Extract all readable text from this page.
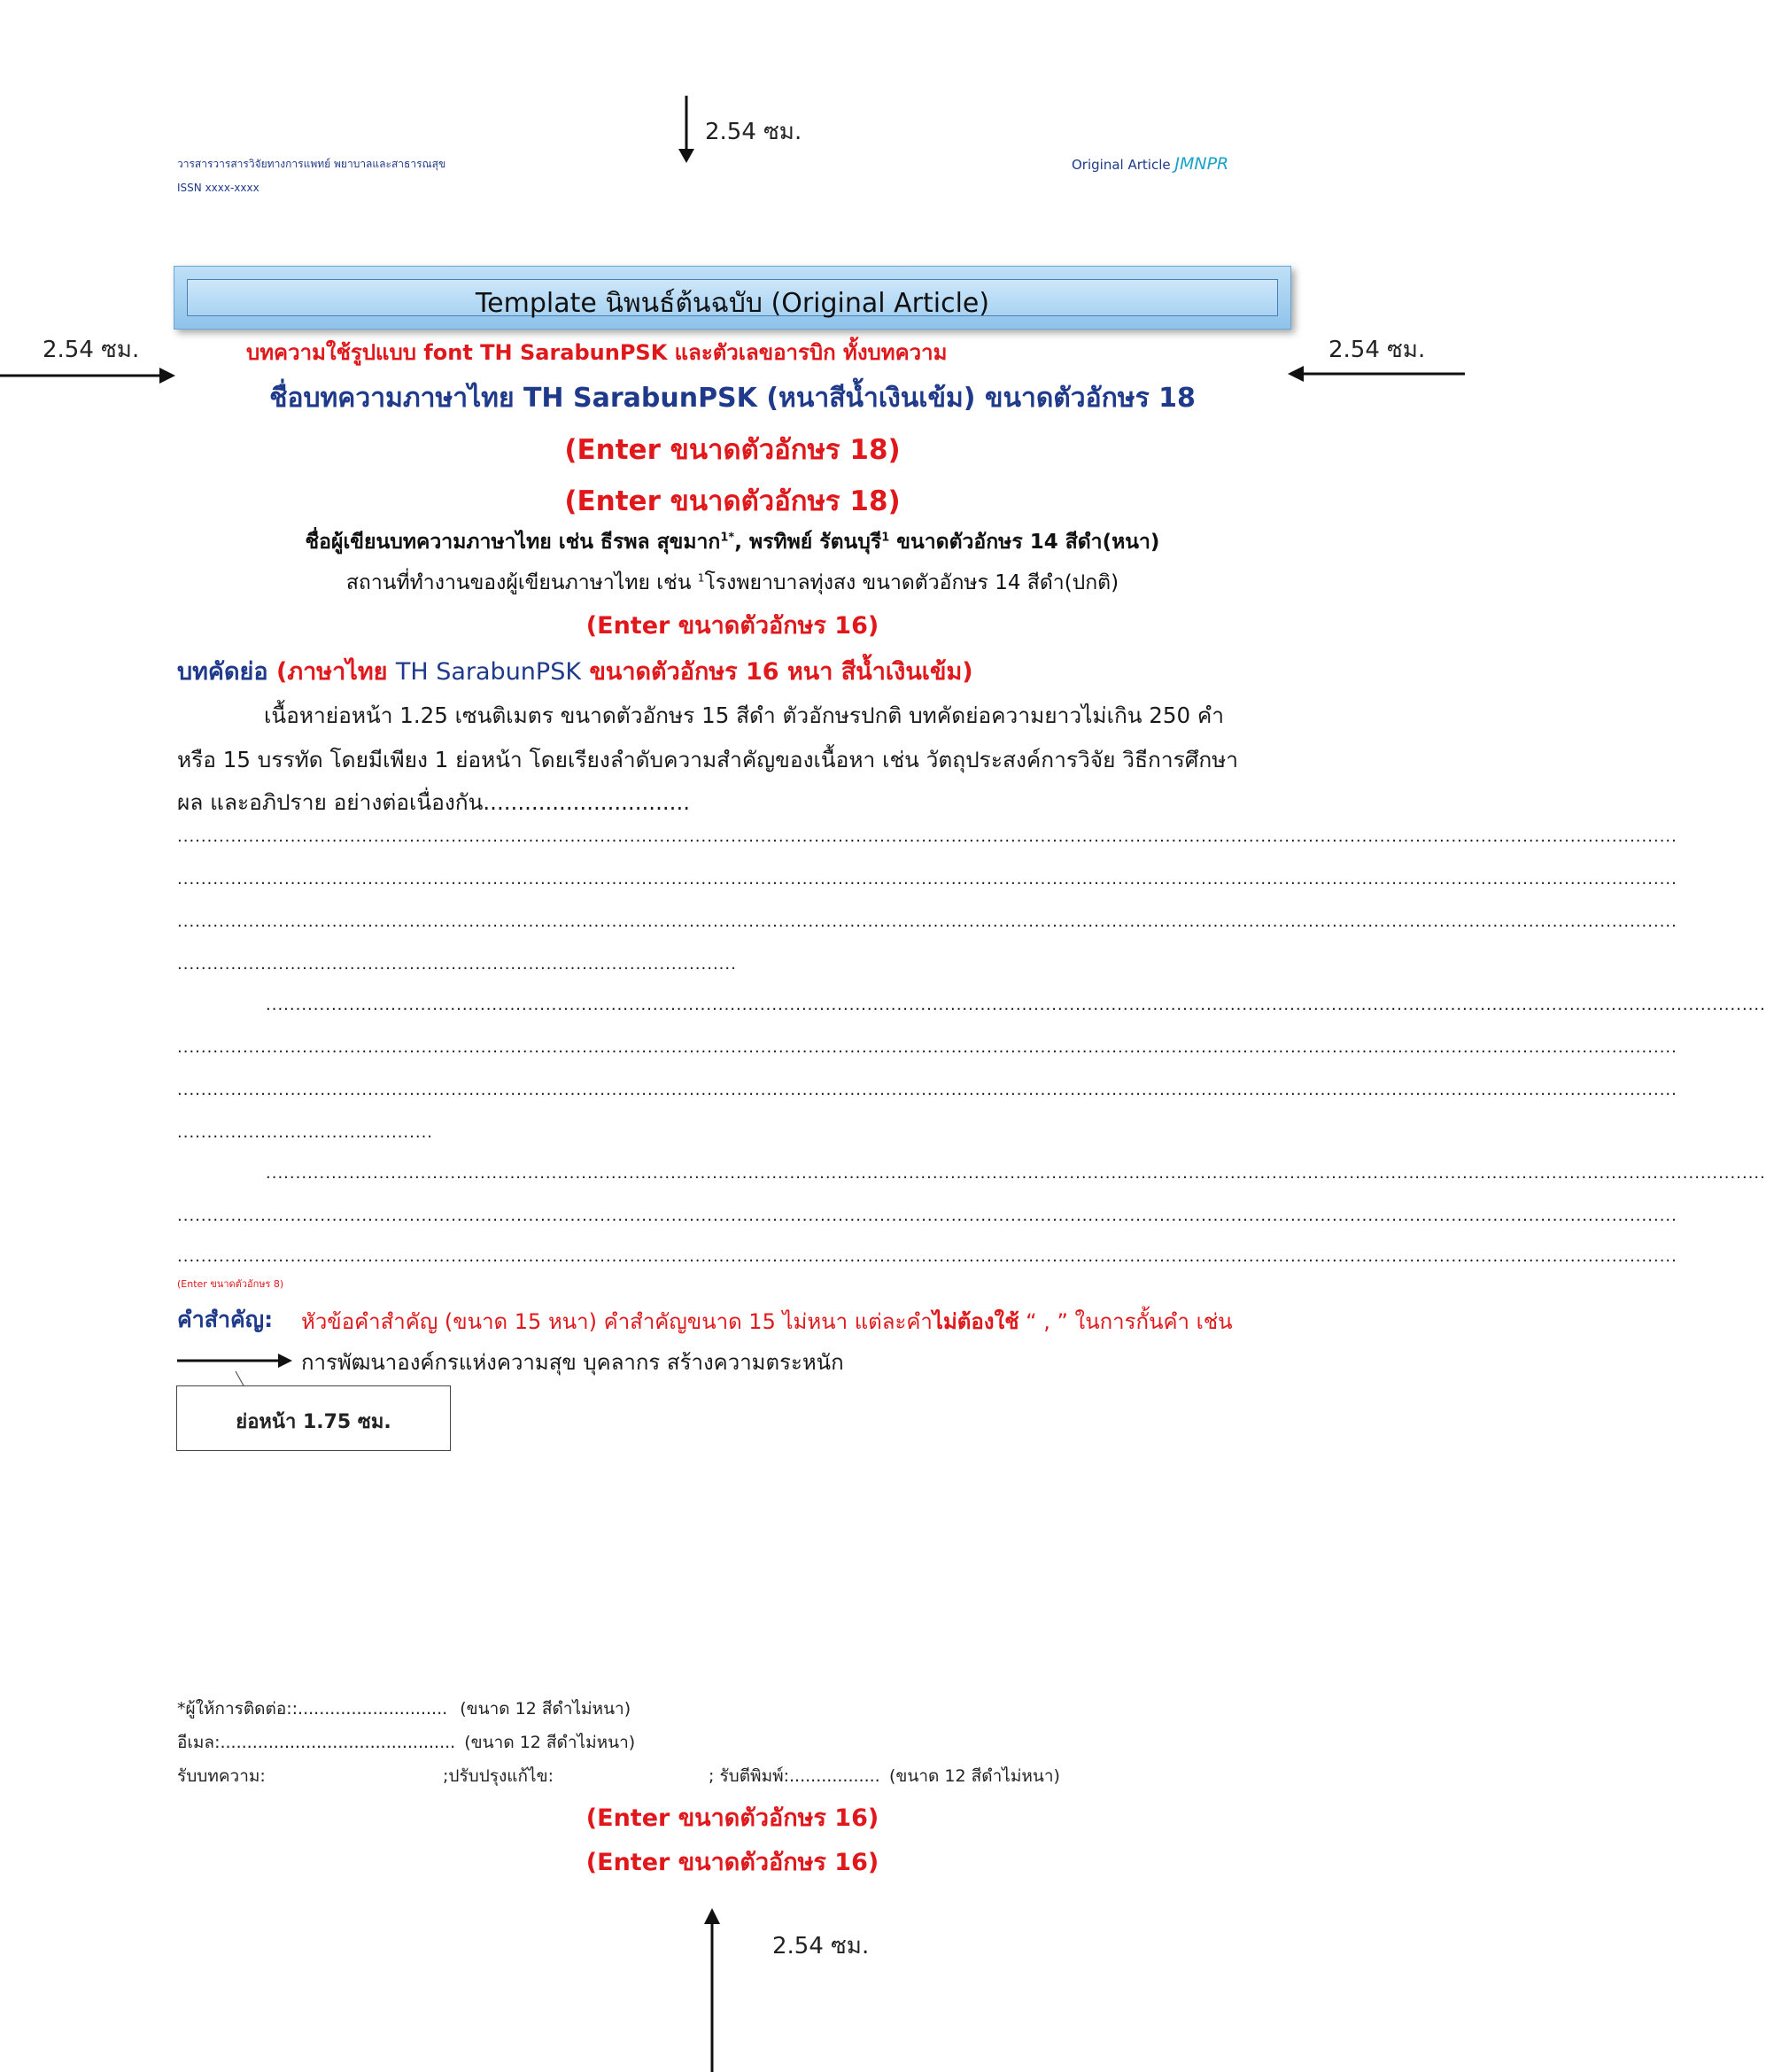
2.54 ซม.
2.54 ซม.	2.54 ซม.
2.54 ซม.
วารสารวารสารวิจัยทางการแพทย์ พยาบาลและสาธารณสุข
ISSN xxxx-xxxx
Original Article JMNPR
Template นิพนธ์ต้นฉบับ (Original Article)
บทความใช้รูปแบบ font TH SarabunPSK และตัวเลขอารบิก ทั้งบทความ
ชื่อบทความภาษาไทย TH SarabunPSK (หนาสีน้ำเงินเข้ม) ขนาดตัวอักษร 18
(Enter ขนาดตัวอักษร 18)
(Enter ขนาดตัวอักษร 18)
ชื่อผู้เขียนบทความภาษาไทย เช่น ธีรพล สุขมาก$^{1*}$, พรทิพย์ รัตนบุรี$^1$ ขนาดตัวอักษร 14 สีดำ(หนา)
สถานที่ทำงานของผู้เขียนภาษาไทย เช่น $^1$โรงพยาบาลทุ่งสง ขนาดตัวอักษร 14 สีดำ(ปกติ)
(Enter ขนาดตัวอักษร 16)
บทคัดย่อ (ภาษาไทย TH SarabunPSK ขนาดตัวอักษร 16 หนา สีน้ำเงินเข้ม)
เนื้อหาย่อหน้า 1.25 เซนติเมตร ขนาดตัวอักษร 15 สีดำ ตัวอักษรปกติ บทคัดย่อความยาวไม่เกิน 250 คำ
หรือ 15 บรรทัด โดยมีเพียง 1 ย่อหน้า โดยเรียงลำดับความสำคัญของเนื้อหา เช่น วัตถุประสงค์การวิจัย วิธีการศึกษา
ผล และอภิปราย อย่างต่อเนื่องกัน..............................
............................................................................................................................................................................................................................................................
............................................................................................................................................................................................................................................................
............................................................................................................................................................................................................................................................
..............................................................................................
............................................................................................................................................................................................................................................................
............................................................................................................................................................................................................................................................
............................................................................................................................................................................................................................................................
...........................................
............................................................................................................................................................................................................................................................
............................................................................................................................................................................................................................................................
............................................................................................................................................................................................................................................................
(Enter ขนาดตัวอักษร 8)
คำสำคัญ: หัวข้อคำสำคัญ (ขนาด 15 หนา) คำสำคัญขนาด 15 ไม่หนา แต่ละคำไม่ต้องใช้ “ , ” ในการกั้นคำ เช่น
การพัฒนาองค์กรแห่งความสุข บุคลากร สร้างความตระหนัก
ย่อหน้า 1.75 ซม.
*ผู้ให้การติดต่อ::............................ (ขนาด 12 สีดำไม่หนา)
อีเมล:............................................ (ขนาด 12 สีดำไม่หนา)
รับบทความ:	;ปรับปรุงแก้ไข:	; รับตีพิมพ์:................. (ขนาด 12 สีดำไม่หนา)
(Enter ขนาดตัวอักษร 16)
(Enter ขนาดตัวอักษร 16)
